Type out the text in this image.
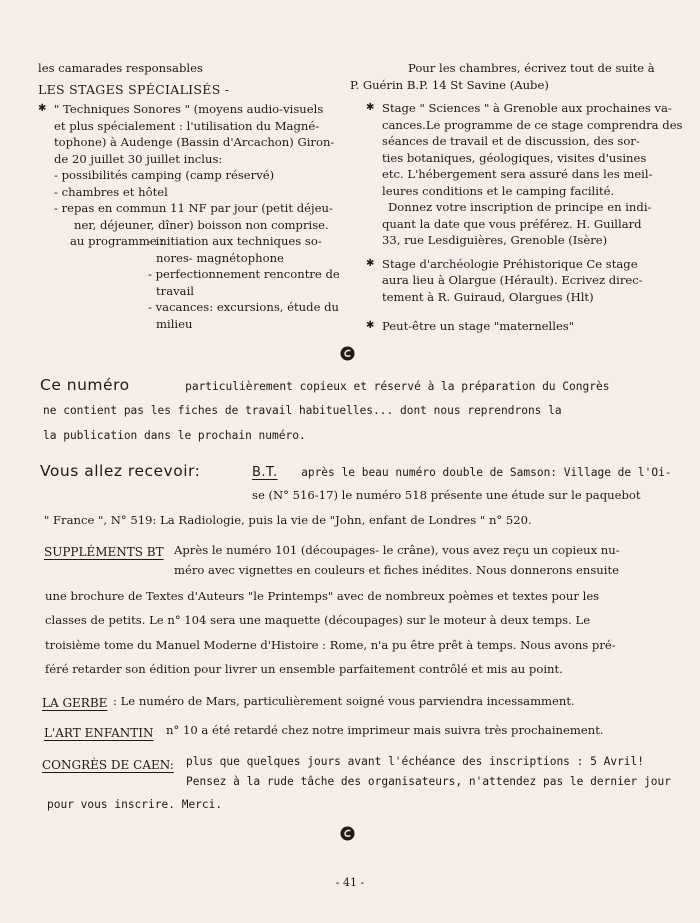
les camarades responsables
LES STAGES SPÉCIALISÉS -
✱ " Techniques Sonores " (moyens audio-visuels
et plus spécialement : l'utilisation du Magné-
tophone) à Audenge (Bassin d'Arcachon) Giron-
de 20 juillet 30 juillet inclus:
- possibilités camping (camp réservé)
- chambres et hôtel
- repas en commun 11 NF par jour (petit déjeu-
ner, déjeuner, dîner) boisson non comprise.
au programme :
- initiation aux techniques so-
nores- magnétophone
- perfectionnement rencontre de
travail
- vacances: excursions, étude du
milieu
Pour les chambres, écrivez tout de suite à
P. Guérin B.P. 14 St Savine (Aube)
✱ Stage " Sciences " à Grenoble aux prochaines va-
cances.Le programme de ce stage comprendra des
séances de travail et de discussion, des sor-
ties botaniques, géologiques, visites d'usines
etc. L'hébergement sera assuré dans les meil-
leures conditions et le camping facilité.
Donnez votre inscription de principe en indi-
quant la date que vous préférez. H. Guillard
33, rue Lesdiguières, Grenoble (Isère)
✱ Stage d'archéologie Préhistorique Ce stage
aura lieu à Olargue (Hérault). Ecrivez direc-
tement à R. Guiraud, Olargues (Hlt)
✱ Peut-être un stage "maternelles"
Ce numéro	particulièrement copieux et réservé à la préparation du Congrès
ne contient pas les fiches de travail habituelles... dont nous reprendrons la
la publication dans le prochain numéro.
Vous allez recevoir:	B.T. après le beau numéro double de Samson: Village de l'Oi-
se (N° 516-17) le numéro 518 présente une étude sur le paquebot
" France ", N° 519: La Radiologie, puis la vie de "John, enfant de Londres " n° 520.
SUPPLÉMENTS BT Après le numéro 101 (découpages- le crâne), vous avez reçu un copieux nu-
méro avec vignettes en couleurs et fiches inédites. Nous donnerons ensuite
une brochure de Textes d'Auteurs "le Printemps" avec de nombreux poèmes et textes pour les
classes de petits. Le n° 104 sera une maquette (découpages) sur le moteur à deux temps. Le
troisième tome du Manuel Moderne d'Histoire : Rome, n'a pu être prêt à temps. Nous avons pré-
féré retarder son édition pour livrer un ensemble parfaitement contrôlé et mis au point.
LA GERBE : Le numéro de Mars, particulièrement soigné vous parviendra incessamment.
L'ART ENFANTIN n° 10 a été retardé chez notre imprimeur mais suivra très prochainement.
CONGRÈS DE CAEN: plus que quelques jours avant l'échéance des inscriptions : 5 Avril!
Pensez à la rude tâche des organisateurs, n'attendez pas le dernier jour
pour vous inscrire. Merci.
- 41 -
